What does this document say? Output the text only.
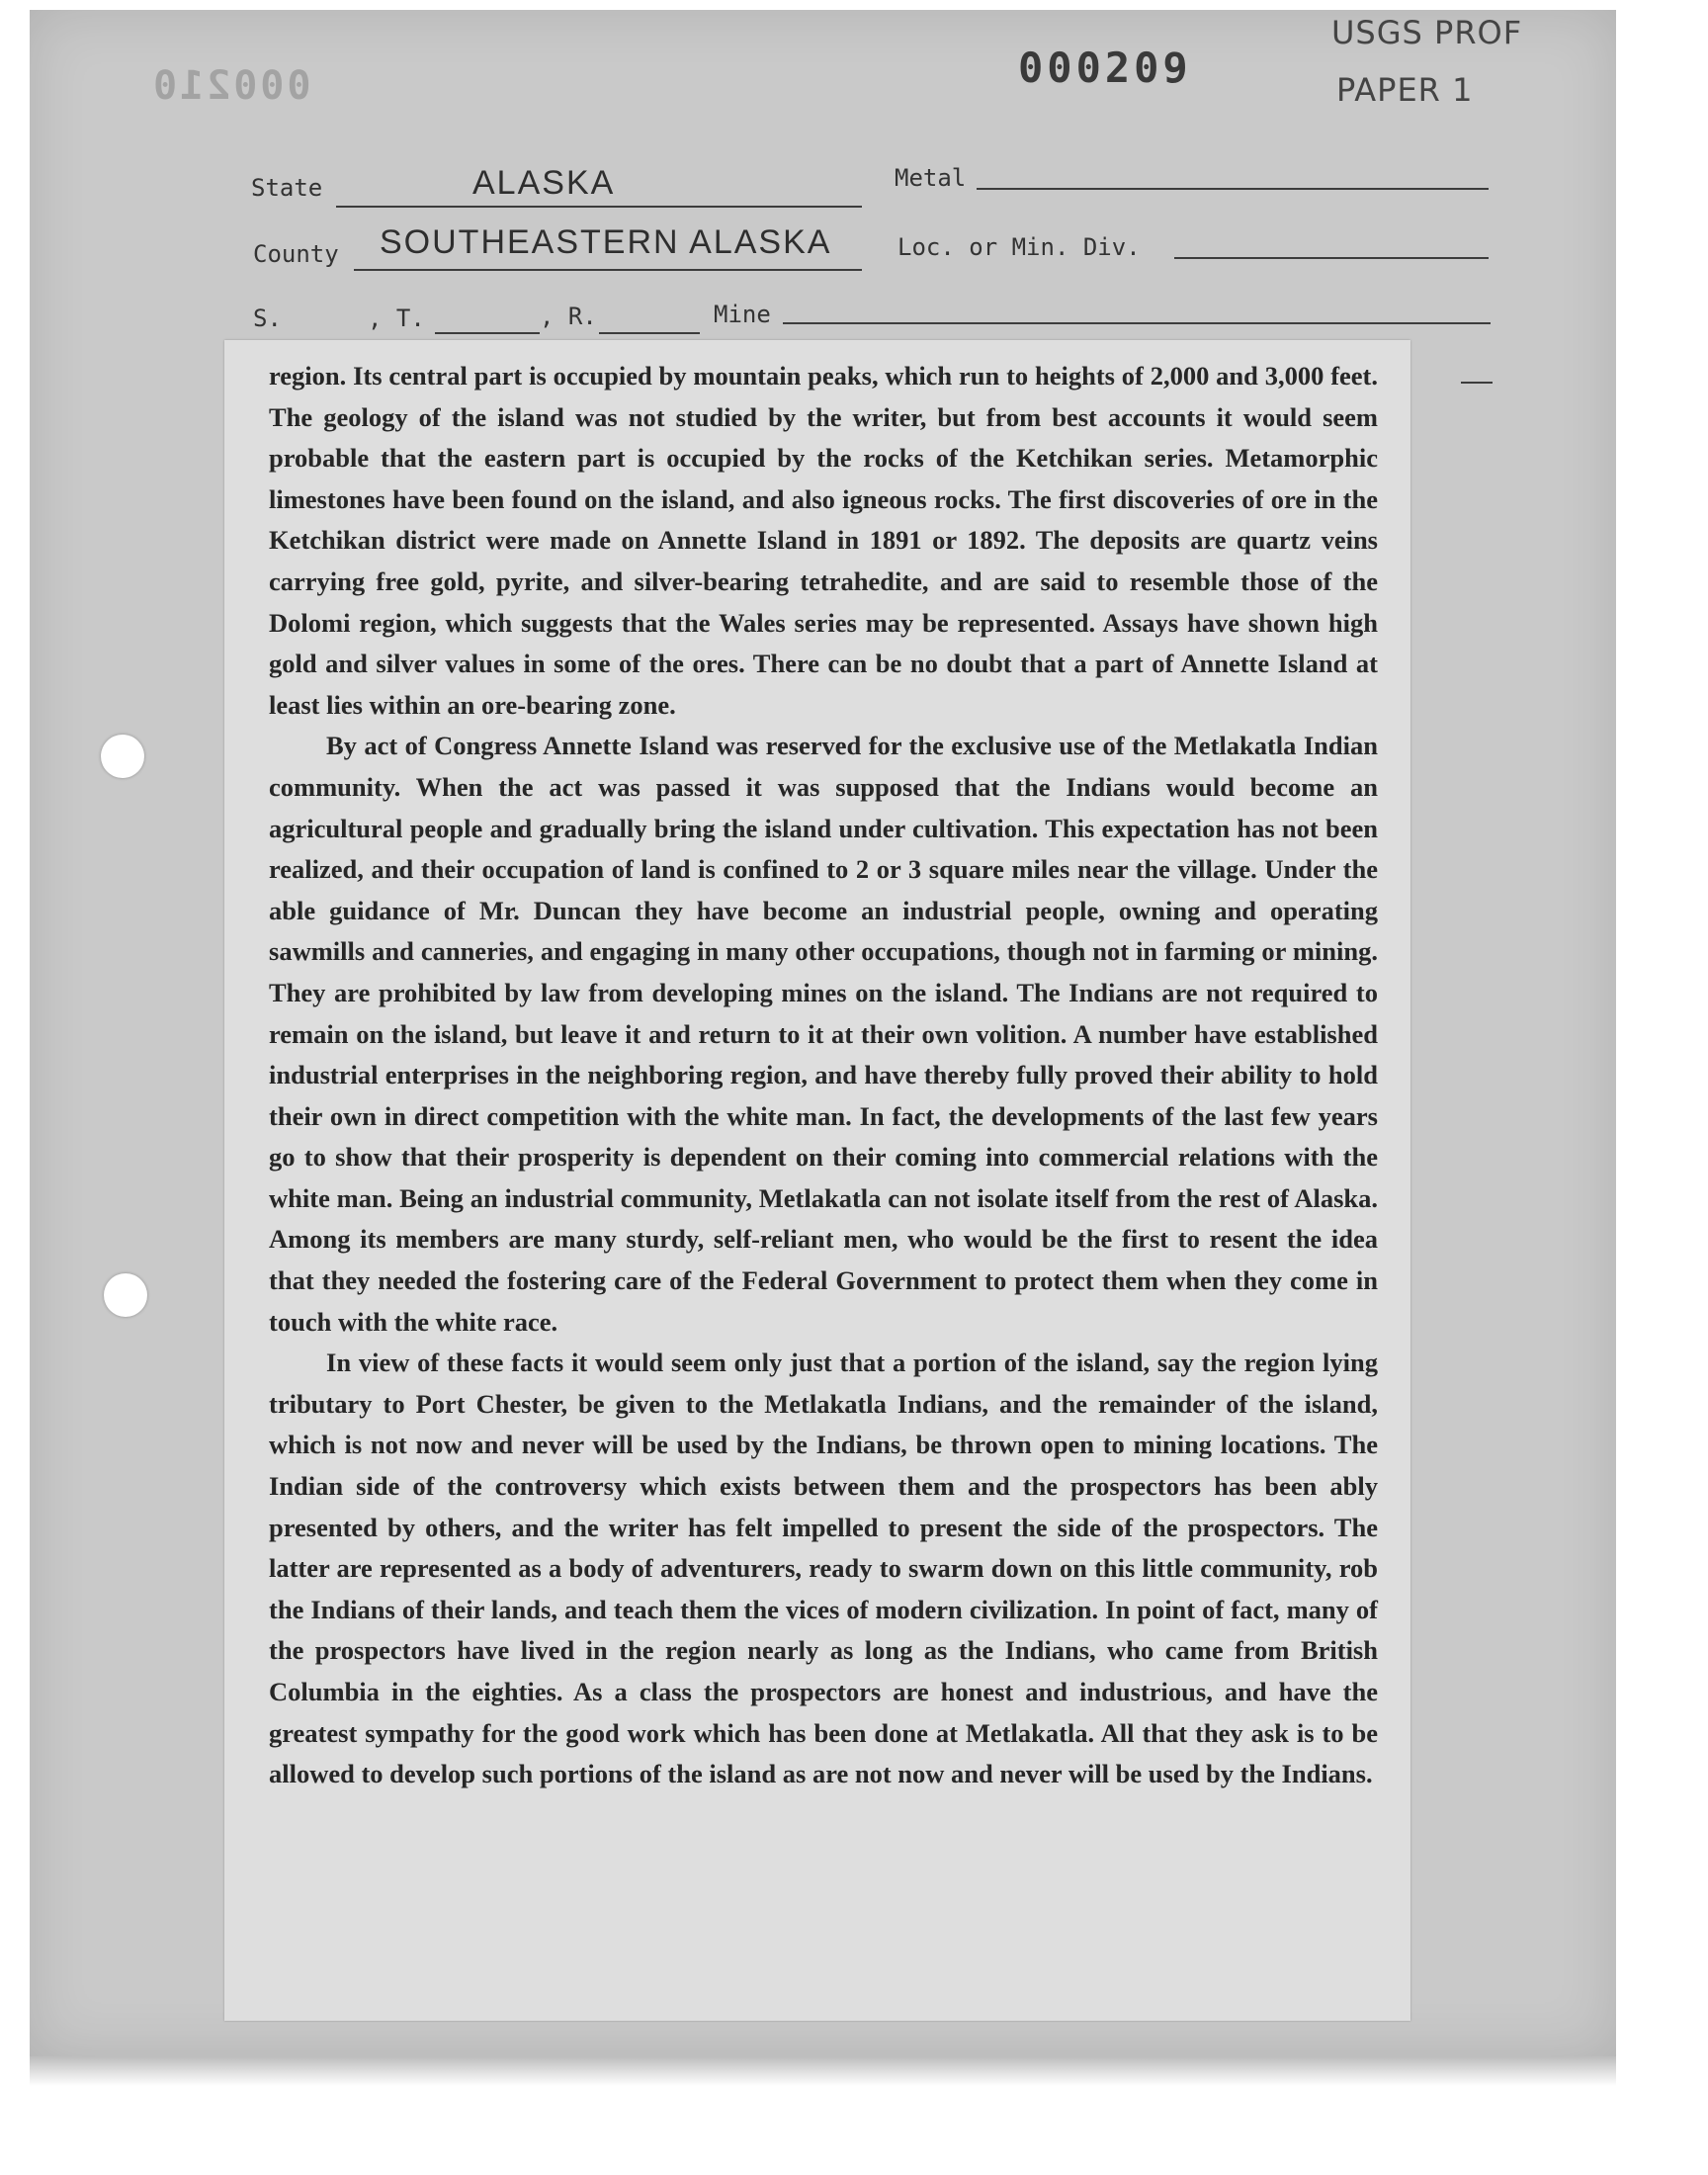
000210	000209
USGS PROF
PAPER 1
State	ALASKA	Metal
County SOUTHEASTERN ALASKA	Loc. or Min. Div.
S.	, T.	, R.	Mine

region. Its central part is occupied by mountain peaks, which run to heights of 2,000 and 3,000 feet. The geology of the island was not studied by the writer, but from best accounts it would seem probable that the eastern part is occupied by the rocks of the Ketchikan series. Metamorphic limestones have been found on the island, and also igneous rocks. The first discoveries of ore in the Ketchikan district were made on Annette Island in 1891 or 1892. The deposits are quartz veins carrying free gold, pyrite, and silver-bearing tetrahedite, and are said to resemble those of the Dolomi region, which suggests that the Wales series may be represented. Assays have shown high gold and silver values in some of the ores. There can be no doubt that a part of Annette Island at least lies within an ore-bearing zone.

By act of Congress Annette Island was reserved for the exclusive use of the Metlakatla Indian community. When the act was passed it was supposed that the Indians would become an agricultural people and gradually bring the island under cultivation. This expectation has not been realized, and their occupation of land is confined to 2 or 3 square miles near the village. Under the able guidance of Mr. Duncan they have become an industrial people, owning and operating sawmills and canneries, and engaging in many other occupations, though not in farming or mining. They are prohibited by law from developing mines on the island. The Indians are not required to remain on the island, but leave it and return to it at their own volition. A number have established industrial enterprises in the neighboring region, and have thereby fully proved their ability to hold their own in direct competition with the white man. In fact, the developments of the last few years go to show that their prosperity is dependent on their coming into commercial relations with the white man. Being an industrial community, Metlakatla can not isolate itself from the rest of Alaska. Among its members are many sturdy, self-reliant men, who would be the first to resent the idea that they needed the fostering care of the Federal Government to protect them when they come in touch with the white race.

In view of these facts it would seem only just that a portion of the island, say the region lying tributary to Port Chester, be given to the Metlakatla Indians, and the remainder of the island, which is not now and never will be used by the Indians, be thrown open to mining locations. The Indian side of the controversy which exists between them and the prospectors has been ably presented by others, and the writer has felt impelled to present the side of the prospectors. The latter are represented as a body of adventurers, ready to swarm down on this little community, rob the Indians of their lands, and teach them the vices of modern civilization. In point of fact, many of the prospectors have lived in the region nearly as long as the Indians, who came from British Columbia in the eighties. As a class the prospectors are honest and industrious, and have the greatest sympathy for the good work which has been done at Metlakatla. All that they ask is to be allowed to develop such portions of the island as are not now and never will be used by the Indians.
